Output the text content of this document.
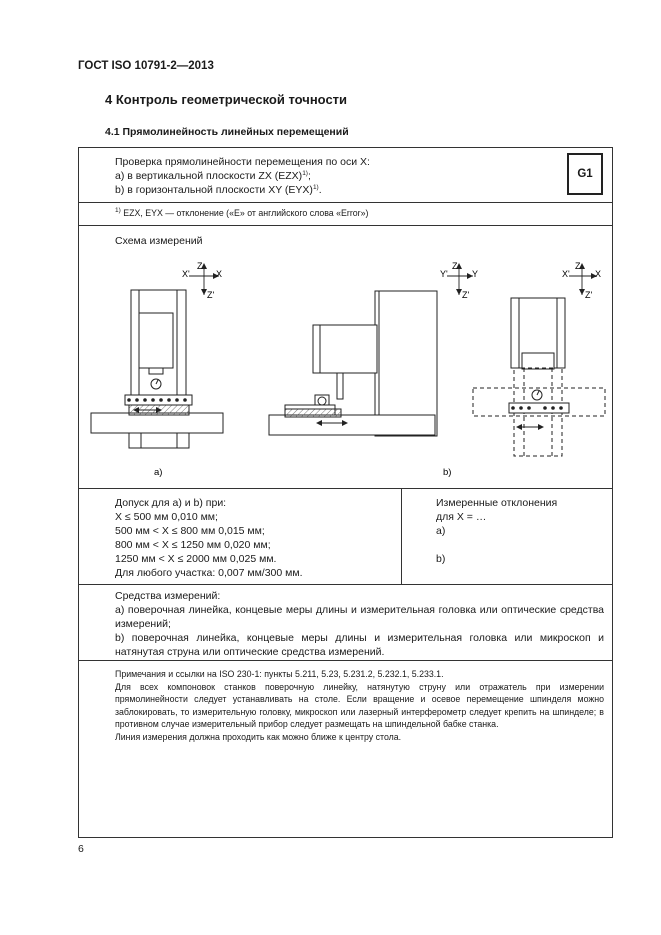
ГОСТ ISO 10791-2—2013
4 Контроль геометрической точности
4.1 Прямолинейность линейных перемещений
Проверка прямолинейности перемещения по оси X:
a) в вертикальной плоскости ZX (EZX)$^{1)}$;
b) в горизонтальной плоскости XY (EYX)$^{1)}$.
G1
$^{1)}$ EZX, EYX — отклонение («E» от английского слова «Error»)
Схема измерений
X'
Z
X
Z'
Y'
Z
Y
Z'
X'
Z
X
Z'
a)	b)
Допуск для a) и b) при:
X ≤ 500 мм 0,010 мм;
500 мм < X ≤ 800 мм 0,015 мм;
800 мм < X ≤ 1250 мм 0,020 мм;
1250 мм < X ≤ 2000 мм 0,025 мм.
Для любого участка: 0,007 мм/300 мм.
Измеренные отклонения
для X = …
a)

b)
Средства измерений:
a) поверочная линейка, концевые меры длины и измерительная головка или оптические средства измерений;
b) поверочная линейка, концевые меры длины и измерительная головка или микроскоп и натянутая струна или оптические средства измерений.
Примечания и ссылки на ISO 230-1: пункты 5.211, 5.23, 5.231.2, 5.232.1, 5.233.1.
Для всех компоновок станков поверочную линейку, натянутую струну или отражатель при измерении прямолинейности следует устанавливать на столе. Если вращение и осевое перемещение шпинделя можно заблокировать, то измерительную головку, микроскоп или лазерный интерферометр следует крепить на шпинделе; в противном случае измерительный прибор следует размещать на шпиндельной бабке станка.
Линия измерения должна проходить как можно ближе к центру стола.
6
